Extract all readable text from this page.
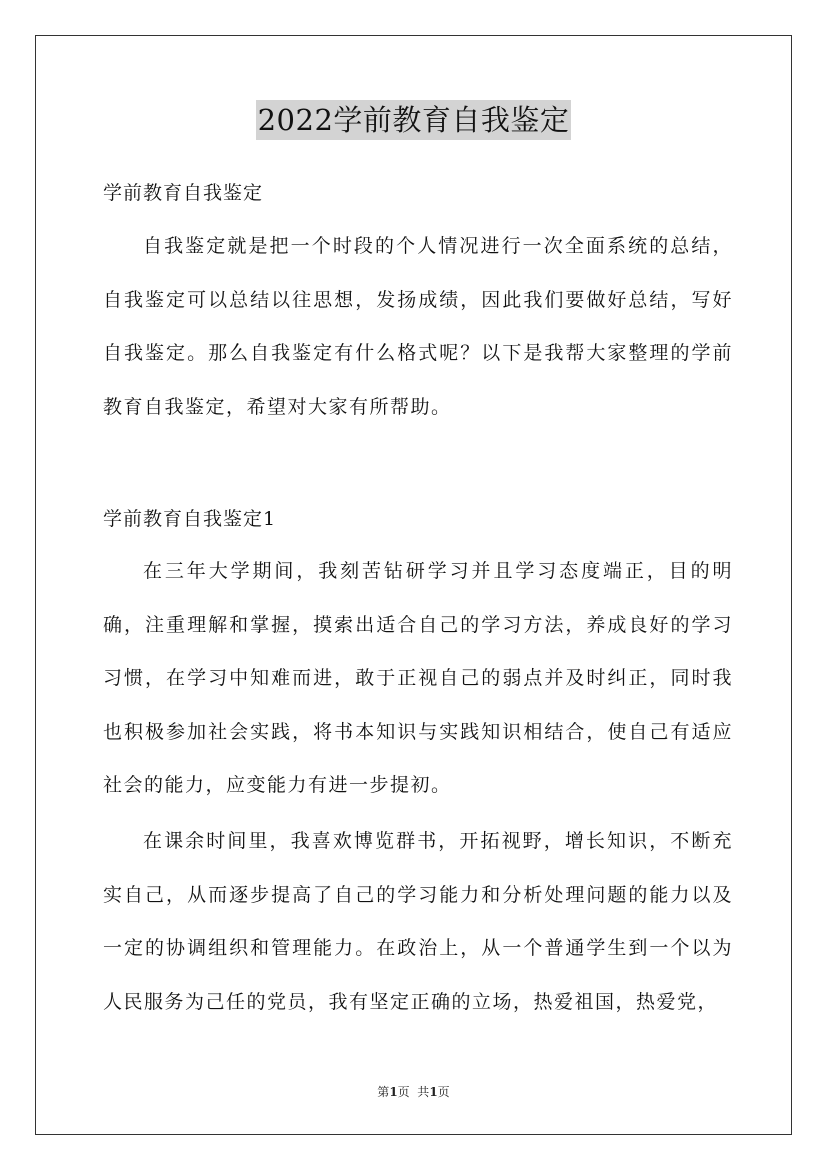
2022学前教育自我鉴定
学前教育自我鉴定

自我鉴定就是把一个时段的个人情况进行一次全面系统的总结，自我鉴定可以总结以往思想，发扬成绩，因此我们要做好总结，写好自我鉴定。那么自我鉴定有什么格式呢？以下是我帮大家整理的学前教育自我鉴定，希望对大家有所帮助。

学前教育自我鉴定1

在三年大学期间，我刻苦钻研学习并且学习态度端正，目的明确，注重理解和掌握，摸索出适合自己的学习方法，养成良好的学习习惯，在学习中知难而进，敢于正视自己的弱点并及时纠正，同时我也积极参加社会实践，将书本知识与实践知识相结合，使自己有适应社会的能力，应变能力有进一步提初。

在课余时间里，我喜欢博览群书，开拓视野，增长知识，不断充实自己，从而逐步提高了自己的学习能力和分析处理问题的能力以及一定的协调组织和管理能力。在政治上，从一个普通学生到一个以为人民服务为己任的党员，我有坚定正确的立场，热爱祖国，热爱党，

第1页  共1页
